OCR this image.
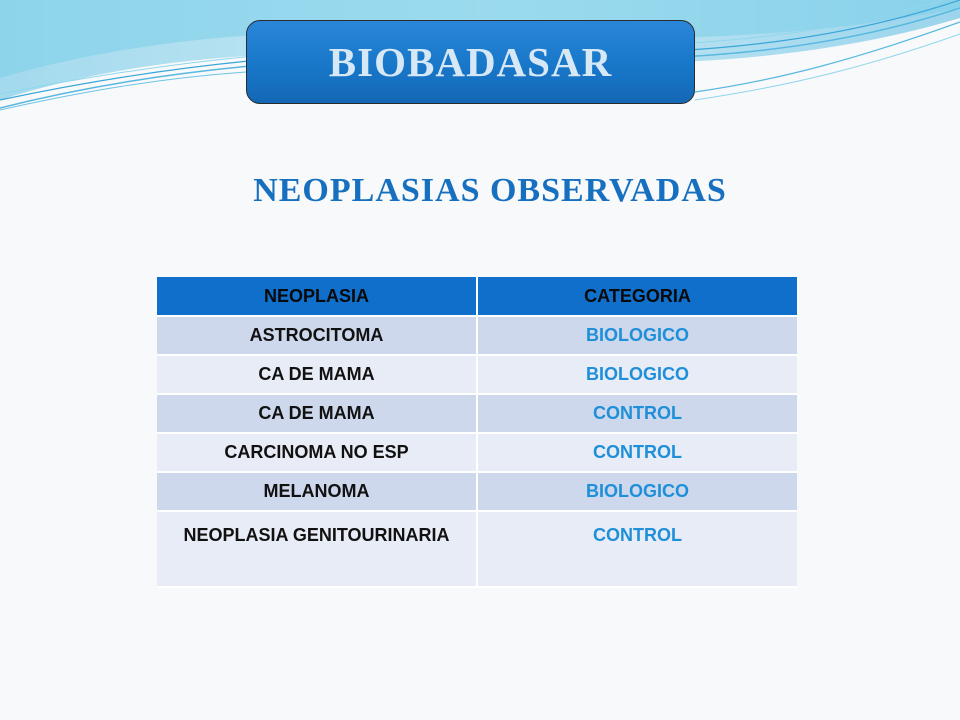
BIOBADASAR
NEOPLASIAS OBSERVADAS
NEOPLASIA	CATEGORIA
ASTROCITOMA	BIOLOGICO
CA DE MAMA	BIOLOGICO
CA DE MAMA	CONTROL
CARCINOMA NO ESP	CONTROL
MELANOMA	BIOLOGICO
NEOPLASIA GENITOURINARIA	CONTROL
